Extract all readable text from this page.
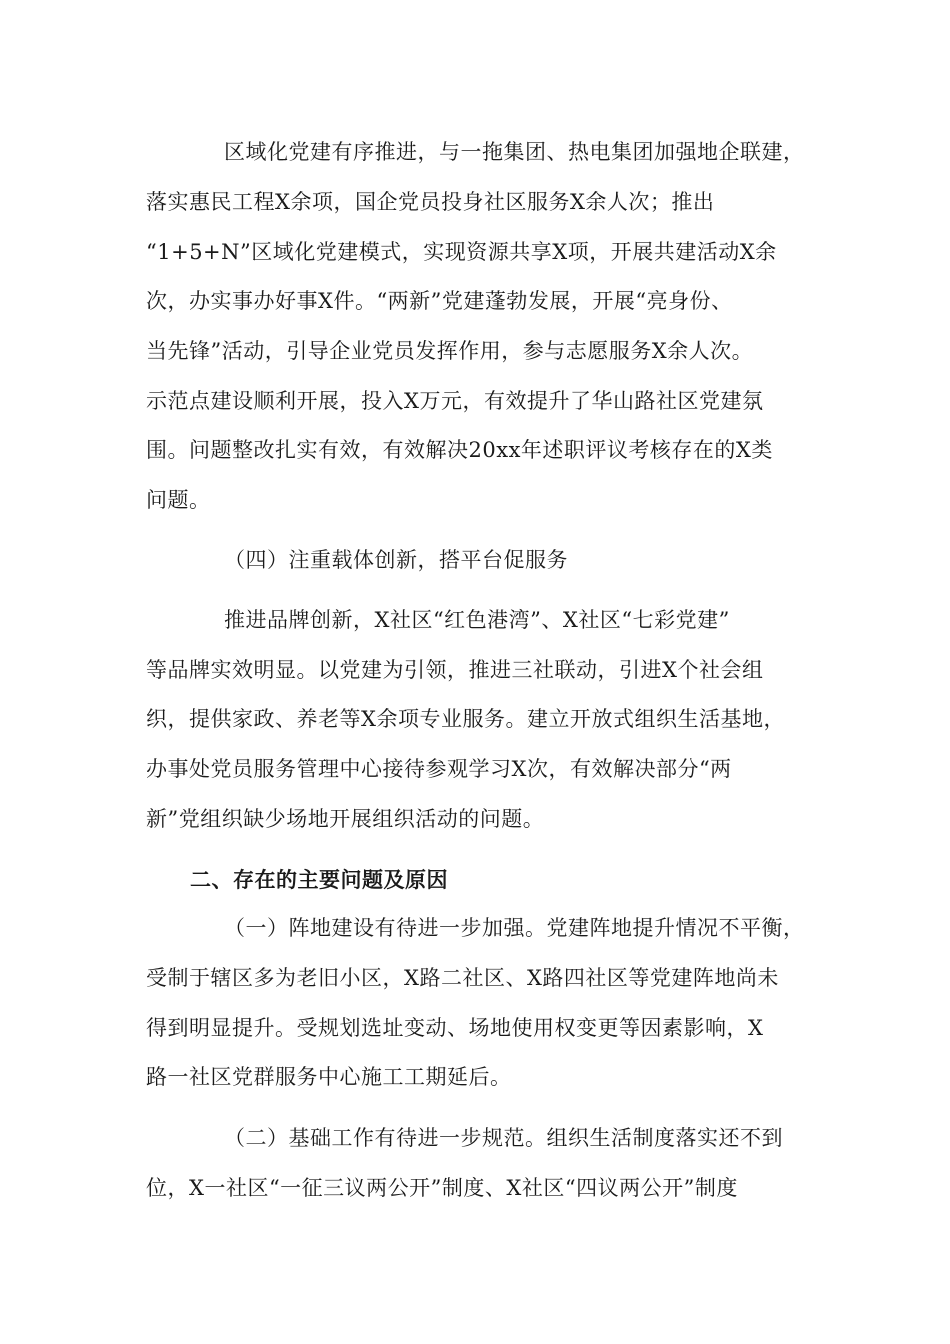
区域化党建有序推进，与一拖集团、热电集团加强地企联建，
落实惠民工程X余项，国企党员投身社区服务X余人次；推出
“1+5+N”区域化党建模式，实现资源共享X项，开展共建活动X余
次，办实事办好事X件。“两新”党建蓬勃发展，开展“亮身份、
当先锋”活动，引导企业党员发挥作用，参与志愿服务X余人次。
示范点建设顺利开展，投入X万元，有效提升了华山路社区党建氛
围。问题整改扎实有效，有效解决20xx年述职评议考核存在的X类
问题。
（四）注重载体创新，搭平台促服务
推进品牌创新，X社区“红色港湾”、X社区“七彩党建”
等品牌实效明显。以党建为引领，推进三社联动，引进X个社会组
织，提供家政、养老等X余项专业服务。建立开放式组织生活基地，
办事处党员服务管理中心接待参观学习X次，有效解决部分“两
新”党组织缺少场地开展组织活动的问题。
二、存在的主要问题及原因
（一）阵地建设有待进一步加强。党建阵地提升情况不平衡，
受制于辖区多为老旧小区，X路二社区、X路四社区等党建阵地尚未
得到明显提升。受规划选址变动、场地使用权变更等因素影响，X
路一社区党群服务中心施工工期延后。
（二）基础工作有待进一步规范。组织生活制度落实还不到
位，X一社区“一征三议两公开”制度、X社区“四议两公开”制度
